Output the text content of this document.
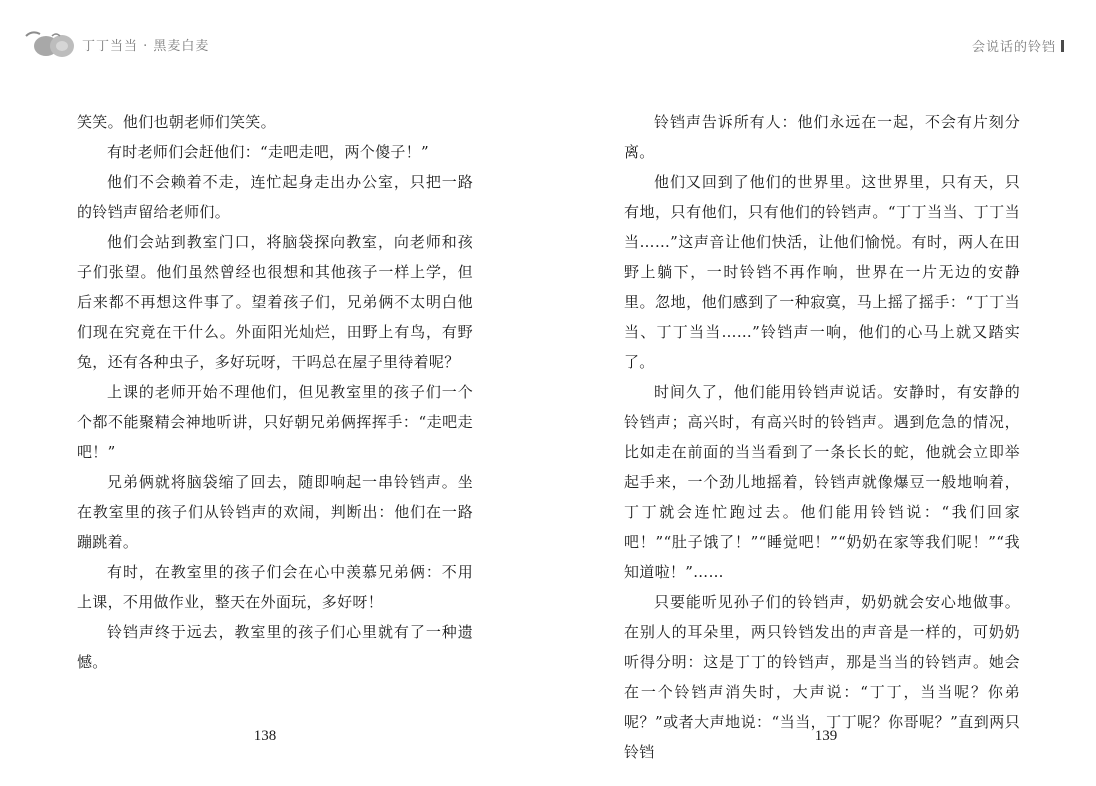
丁丁当当 · 黑麦白麦

笑笑。他们也朝老师们笑笑。

有时老师们会赶他们：“走吧走吧，两个傻子！”

他们不会赖着不走，连忙起身走出办公室，只把一路的铃铛声留给老师们。

他们会站到教室门口，将脑袋探向教室，向老师和孩子们张望。他们虽然曾经也很想和其他孩子一样上学，但后来都不再想这件事了。望着孩子们，兄弟俩不太明白他们现在究竟在干什么。外面阳光灿烂，田野上有鸟，有野兔，还有各种虫子，多好玩呀，干吗总在屋子里待着呢？

上课的老师开始不理他们，但见教室里的孩子们一个个都不能聚精会神地听讲，只好朝兄弟俩挥挥手：“走吧走吧！”

兄弟俩就将脑袋缩了回去，随即响起一串铃铛声。坐在教室里的孩子们从铃铛声的欢闹，判断出：他们在一路蹦跳着。

有时，在教室里的孩子们会在心中羡慕兄弟俩：不用上课，不用做作业，整天在外面玩，多好呀！

铃铛声终于远去，教室里的孩子们心里就有了一种遗憾。

138
会说话的铃铛

铃铛声告诉所有人：他们永远在一起，不会有片刻分离。

他们又回到了他们的世界里。这世界里，只有天，只有地，只有他们，只有他们的铃铛声。“丁丁当当、丁丁当当……”这声音让他们快活，让他们愉悦。有时，两人在田野上躺下，一时铃铛不再作响，世界在一片无边的安静里。忽地，他们感到了一种寂寞，马上摇了摇手：“丁丁当当、丁丁当当……”铃铛声一响，他们的心马上就又踏实了。

时间久了，他们能用铃铛声说话。安静时，有安静的铃铛声；高兴时，有高兴时的铃铛声。遇到危急的情况，比如走在前面的当当看到了一条长长的蛇，他就会立即举起手来，一个劲儿地摇着，铃铛声就像爆豆一般地响着，丁丁就会连忙跑过去。他们能用铃铛说：“我们回家吧！”“肚子饿了！”“睡觉吧！”“奶奶在家等我们呢！”“我知道啦！”……

只要能听见孙子们的铃铛声，奶奶就会安心地做事。在别人的耳朵里，两只铃铛发出的声音是一样的，可奶奶听得分明：这是丁丁的铃铛声，那是当当的铃铛声。她会在一个铃铛声消失时，大声说：“丁丁，当当呢？你弟呢？”或者大声地说：“当当，丁丁呢？你哥呢？”直到两只铃铛

139
